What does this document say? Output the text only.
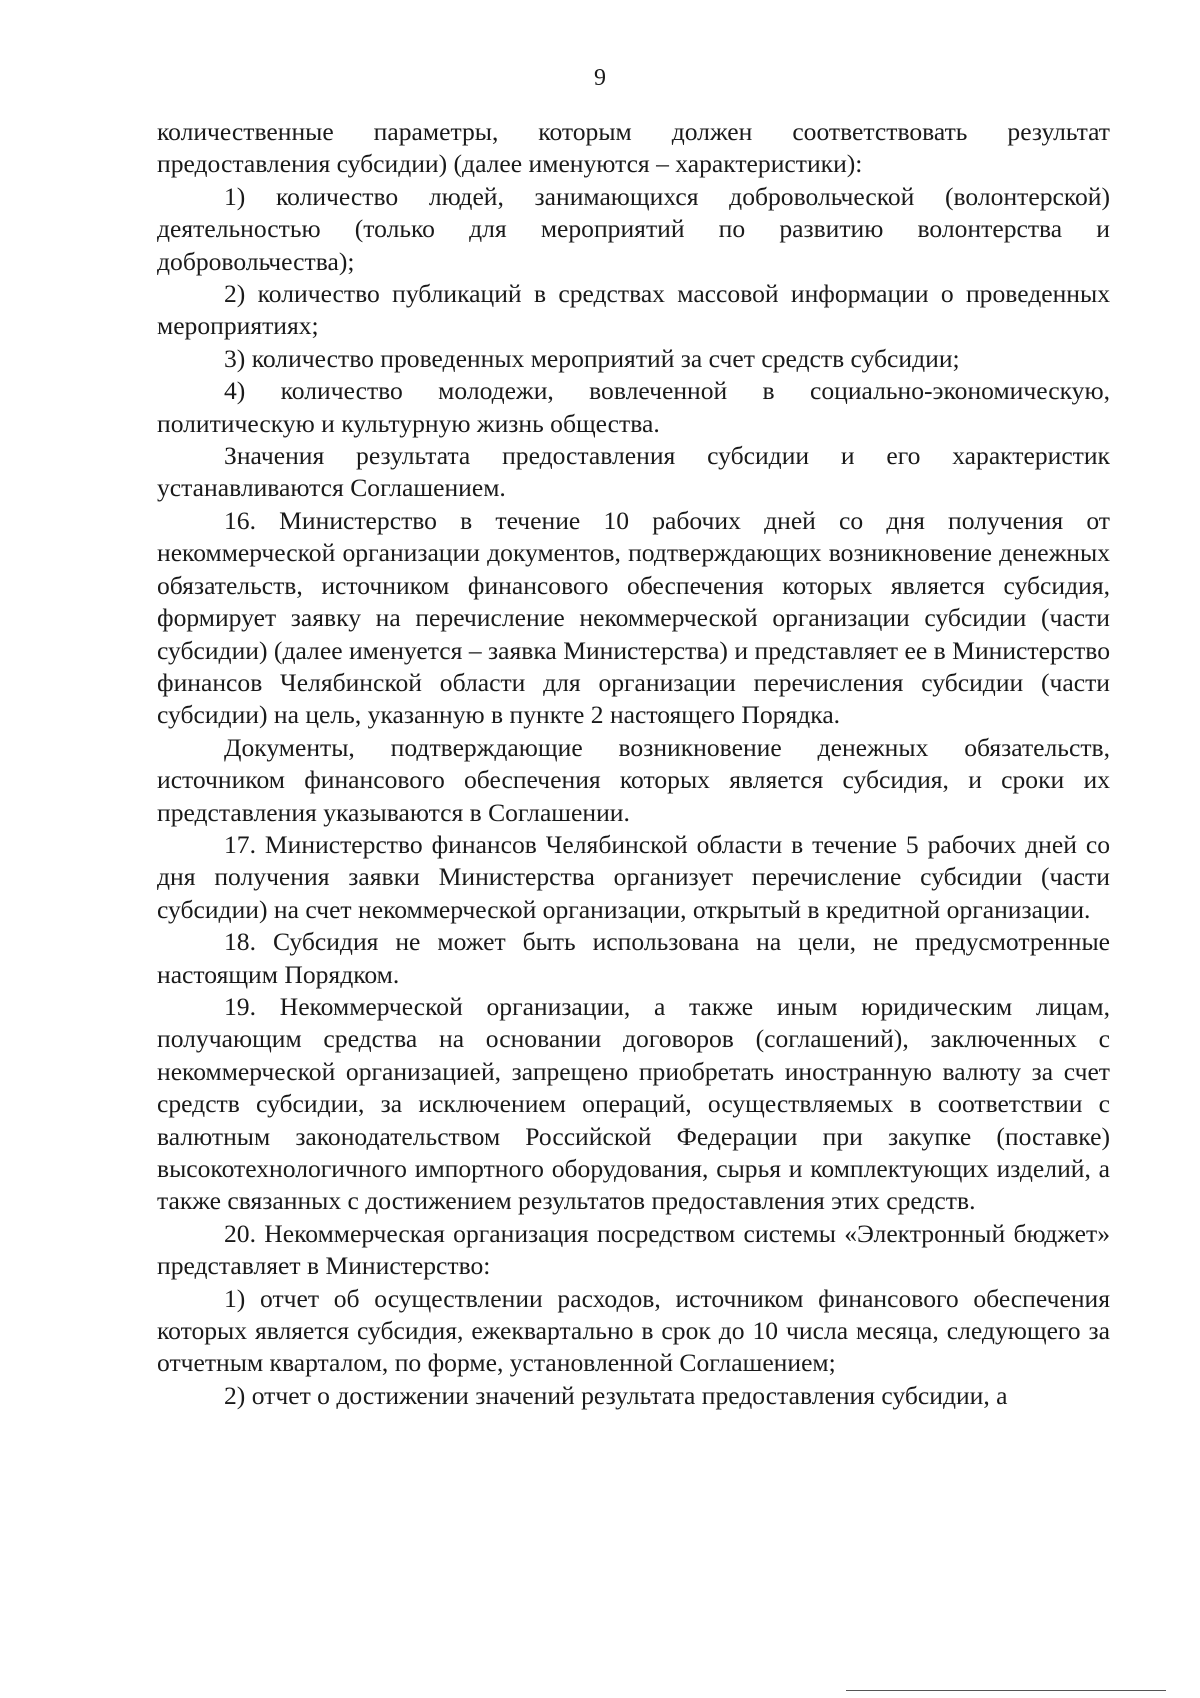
9

количественные параметры, которым должен соответствовать результат предоставления субсидии) (далее именуются – характеристики):

1) количество людей, занимающихся добровольческой (волонтерской) деятельностью (только для мероприятий по развитию волонтерства и добровольчества);

2) количество публикаций в средствах массовой информации о проведенных мероприятиях;

3) количество проведенных мероприятий за счет средств субсидии;

4) количество молодежи, вовлеченной в социально-экономическую, политическую и культурную жизнь общества.

Значения результата предоставления субсидии и его характеристик устанавливаются Соглашением.

16. Министерство в течение 10 рабочих дней со дня получения от некоммерческой организации документов, подтверждающих возникновение денежных обязательств, источником финансового обеспечения которых является субсидия, формирует заявку на перечисление некоммерческой организации субсидии (части субсидии) (далее именуется – заявка Министерства) и представляет ее в Министерство финансов Челябинской области для организации перечисления субсидии (части субсидии) на цель, указанную в пункте 2 настоящего Порядка.

Документы, подтверждающие возникновение денежных обязательств, источником финансового обеспечения которых является субсидия, и сроки их представления указываются в Соглашении.

17. Министерство финансов Челябинской области в течение 5 рабочих дней со дня получения заявки Министерства организует перечисление субсидии (части субсидии) на счет некоммерческой организации, открытый в кредитной организации.

18. Субсидия не может быть использована на цели, не предусмотренные настоящим Порядком.

19. Некоммерческой организации, а также иным юридическим лицам, получающим средства на основании договоров (соглашений), заключенных с некоммерческой организацией, запрещено приобретать иностранную валюту за счет средств субсидии, за исключением операций, осуществляемых в соответствии с валютным законодательством Российской Федерации при закупке (поставке) высокотехнологичного импортного оборудования, сырья и комплектующих изделий, а также связанных с достижением результатов предоставления этих средств.

20. Некоммерческая организация посредством системы «Электронный бюджет» представляет в Министерство:

1) отчет об осуществлении расходов, источником финансового обеспечения которых является субсидия, ежеквартально в срок до 10 числа месяца, следующего за отчетным кварталом, по форме, установленной Соглашением;

2) отчет о достижении значений результата предоставления субсидии, а
